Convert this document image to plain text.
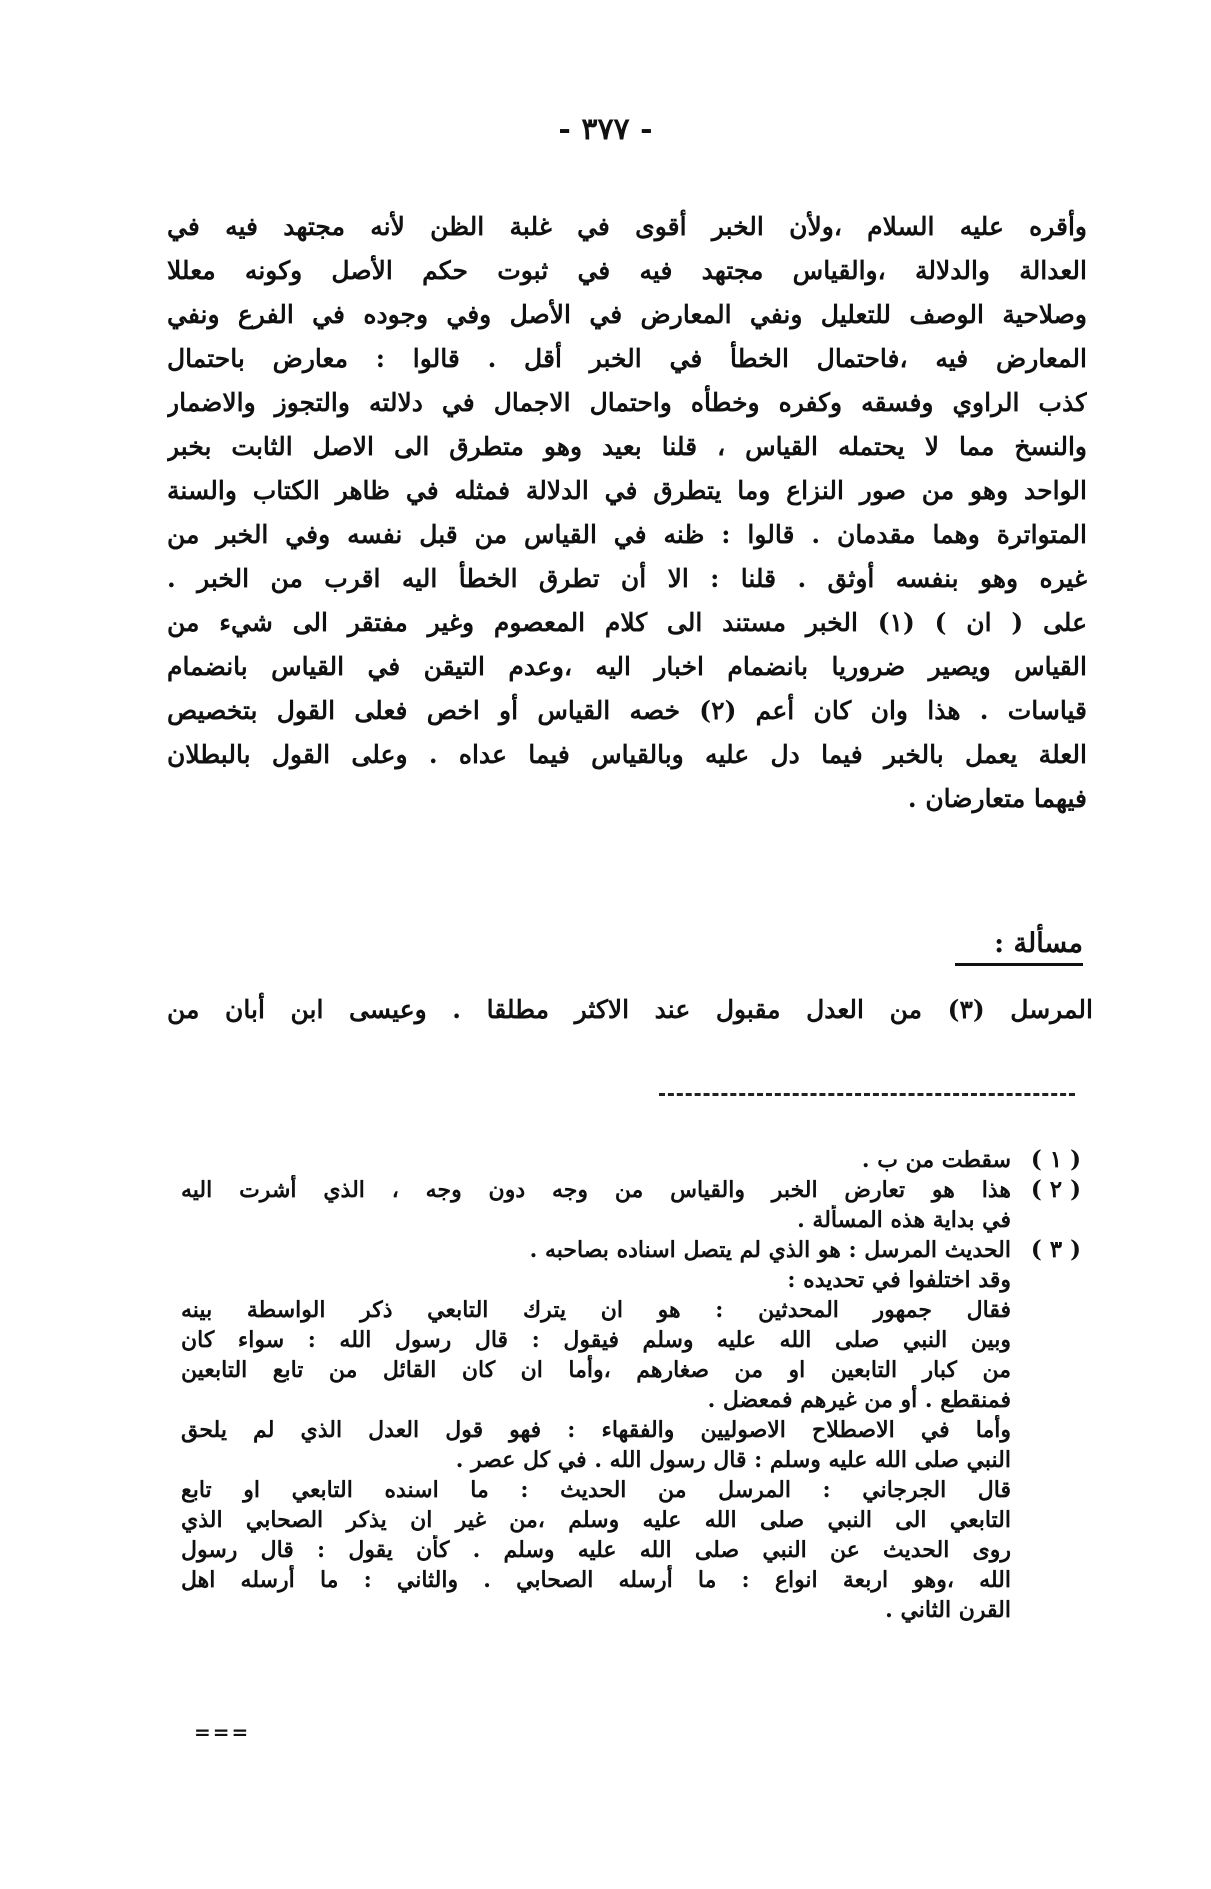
- ٣٧٧ -
وأقره عليه السلام ،ولأن الخبر أقوى في غلبة الظن لأنه مجتهد فيه في
العدالة والدلالة ،والقياس مجتهد فيه في ثبوت حكم الأصل وكونه معللا
وصلاحية الوصف للتعليل ونفي المعارض في الأصل وفي وجوده في الفرع ونفي
المعارض فيه ،فاحتمال الخطأ في الخبر أقل . قالوا : معارض باحتمال
كذب الراوي وفسقه وكفره وخطأه واحتمال الاجمال في دلالته والتجوز والاضمار
والنسخ مما لا يحتمله القياس ، قلنا بعيد وهو متطرق الى الاصل الثابت بخبر
الواحد وهو من صور النزاع وما يتطرق في الدلالة فمثله في ظاهر الكتاب والسنة
المتواترة وهما مقدمان . قالوا : ظنه في القياس من قبل نفسه وفي الخبر من
غيره وهو بنفسه أوثق . قلنا : الا أن تطرق الخطأ اليه اقرب من الخبر .
على ( ان ) (١) الخبر مستند الى كلام المعصوم وغير مفتقر الى شيء من
القياس ويصير ضروريا بانضمام اخبار اليه ،وعدم التيقن في القياس بانضمام
قياسات . هذا وان كان أعم (٢) خصه القياس أو اخص فعلى القول بتخصيص
العلة يعمل بالخبر فيما دل عليه وبالقياس فيما عداه . وعلى القول بالبطلان
فيهما متعارضان .
مسألة :
المرسل (٣) من العدل مقبول عند الاكثر مطلقا . وعيسى ابن أبان من
( ١ )
سقطت من ب .
( ٢ )
هذا هو تعارض الخبر والقياس من وجه دون وجه ، الذي أشرت اليه
في بداية هذه المسألة .
( ٣ )
الحديث المرسل : هو الذي لم يتصل اسناده بصاحبه .
وقد اختلفوا في تحديده :
فقال جمهور المحدثين : هو ان يترك التابعي ذكر الواسطة بينه
وبين النبي صلى الله عليه وسلم فيقول : قال رسول الله : سواء كان
من كبار التابعين او من صغارهم ،وأما ان كان القائل من تابع التابعين
فمنقطع . أو من غيرهم فمعضل .
وأما في الاصطلاح الاصوليين والفقهاء : فهو قول العدل الذي لم يلحق
النبي صلى الله عليه وسلم : قال رسول الله . في كل عصر .
قال الجرجاني : المرسل من الحديث : ما اسنده التابعي او تابع
التابعي الى النبي صلى الله عليه وسلم ،من غير ان يذكر الصحابي الذي
روى الحديث عن النبي صلى الله عليه وسلم . كأن يقول : قال رسول
الله ،وهو اربعة انواع : ما أرسله الصحابي . والثاني : ما أرسله اهل
القرن الثاني .
===
